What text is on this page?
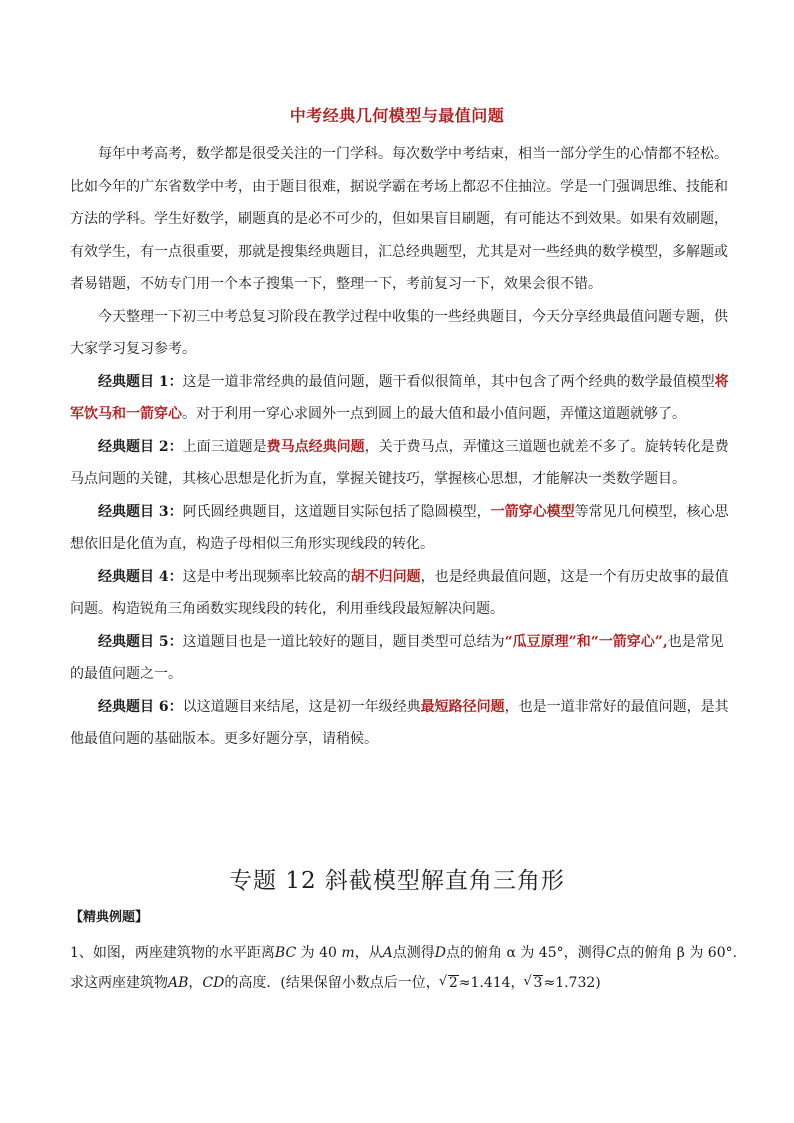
中考经典几何模型与最值问题

每年中考高考，数学都是很受关注的一门学科。每次数学中考结束，相当一部分学生的心情都不轻松。比如今年的广东省数学中考，由于题目很难，据说学霸在考场上都忍不住抽泣。学是一门强调思维、技能和方法的学科。学生好数学，刷题真的是必不可少的，但如果盲目刷题，有可能达不到效果。如果有效刷题，有效学生，有一点很重要，那就是搜集经典题目，汇总经典题型，尤其是对一些经典的数学模型，多解题或者易错题，不妨专门用一个本子搜集一下，整理一下，考前复习一下，效果会很不错。

今天整理一下初三中考总复习阶段在教学过程中收集的一些经典题目，今天分享经典最值问题专题，供大家学习复习参考。

经典题目 1：这是一道非常经典的最值问题，题干看似很简单，其中包含了两个经典的数学最值模型将军饮马和一箭穿心。对于利用一穿心求圆外一点到圆上的最大值和最小值问题，弄懂这道题就够了。

经典题目 2：上面三道题是费马点经典问题，关于费马点，弄懂这三道题也就差不多了。旋转转化是费马点问题的关键，其核心思想是化折为直，掌握关键技巧，掌握核心思想，才能解决一类数学题目。

经典题目 3：阿氏圆经典题目，这道题目实际包括了隐圆模型，一箭穿心模型等常见几何模型，核心思想依旧是化值为直，构造子母相似三角形实现线段的转化。

经典题目 4：这是中考出现频率比较高的胡不归问题，也是经典最值问题，这是一个有历史故事的最值问题。构造锐角三角函数实现线段的转化，利用垂线段最短解决问题。

经典题目 5：这道题目也是一道比较好的题目，题目类型可总结为“瓜豆原理”和“一箭穿心”,也是常见的最值问题之一。

经典题目 6：以这道题目来结尾，这是初一年级经典最短路径问题，也是一道非常好的最值问题，是其他最值问题的基础版本。更多好题分享，请稍候。

专题 12 斜截模型解直角三角形
【精典例题】

1、如图，两座建筑物的水平距离BC 为 40 m，从A点测得D点的俯角 α 为 45°，测得C点的俯角 β 为 60°.

求这两座建筑物AB，CD的高度．(结果保留小数点后一位， √ 2≈1.414， √ 3≈1.732)
